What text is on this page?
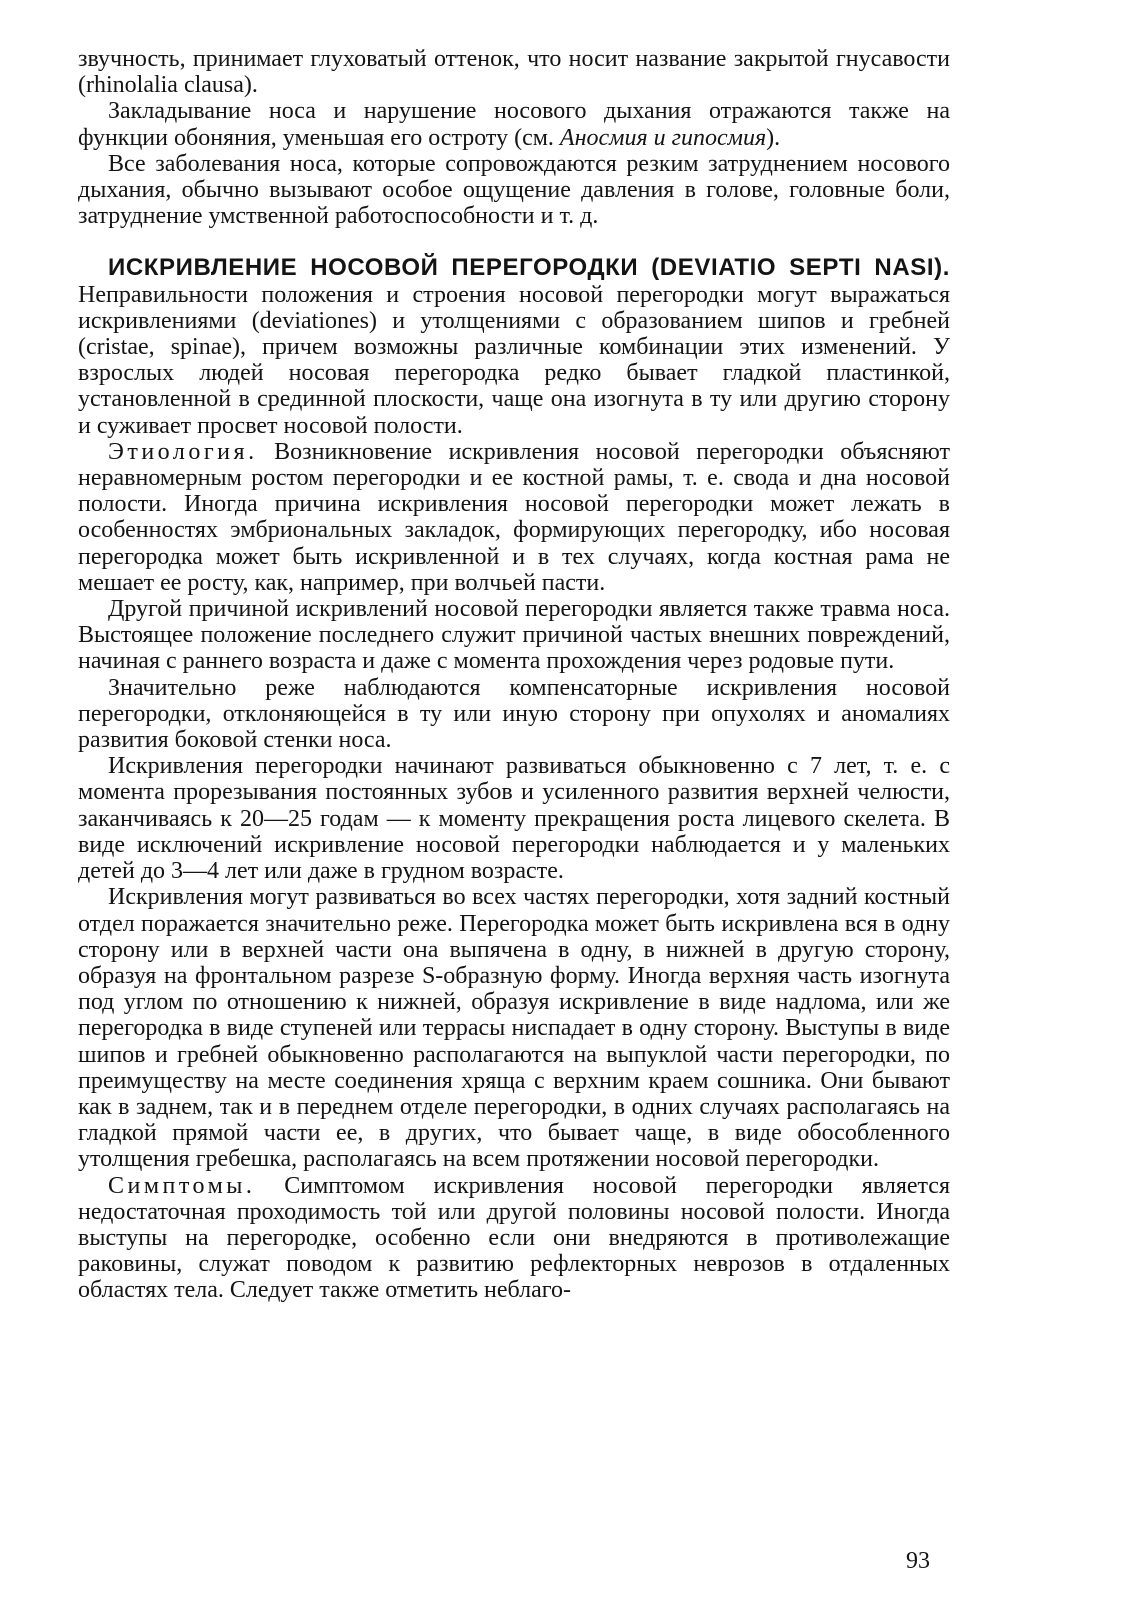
звучность, принимает глуховатый оттенок, что носит название закрытой гнусавости (rhinolalia clausa).

Закладывание носа и нарушение носового дыхания отражаются также на функции обоняния, уменьшая его остроту (см. Аносмия и гипосмия).

Все заболевания носа, которые сопровождаются резким затруднением носового дыхания, обычно вызывают особое ощущение давления в голове, головные боли, затруднение умственной работоспособности и т. д.

ИСКРИВЛЕНИЕ НОСОВОЙ ПЕРЕГОРОДКИ (DEVIATIO SEPTI NASI). Неправильности положения и строения носовой перегородки могут выражаться искривлениями (deviationes) и утолщениями с образованием шипов и гребней (cristae, spinae), причем возможны различные комбинации этих изменений. У взрослых людей носовая перегородка редко бывает гладкой пластинкой, установленной в срединной плоскости, чаще она изогнута в ту или другию сторону и суживает просвет носовой полости.

Этиология. Возникновение искривления носовой перегородки объясняют неравномерным ростом перегородки и ее костной рамы, т. е. свода и дна носовой полости. Иногда причина искривления носовой перегородки может лежать в особенностях эмбриональных закладок, формирующих перегородку, ибо носовая перегородка может быть искривленной и в тех случаях, когда костная рама не мешает ее росту, как, например, при волчьей пасти.

Другой причиной искривлений носовой перегородки является также травма носа. Выстоящее положение последнего служит причиной частых внешних повреждений, начиная с раннего возраста и даже с момента прохождения через родовые пути.

Значительно реже наблюдаются компенсаторные искривления носовой перегородки, отклоняющейся в ту или иную сторону при опухолях и аномалиях развития боковой стенки носа.

Искривления перегородки начинают развиваться обыкновенно с 7 лет, т. е. с момента прорезывания постоянных зубов и усиленного развития верхней челюсти, заканчиваясь к 20—25 годам — к моменту прекращения роста лицевого скелета. В виде исключений искривление носовой перегородки наблюдается и у маленьких детей до 3—4 лет или даже в грудном возрасте.

Искривления могут развиваться во всех частях перегородки, хотя задний костный отдел поражается значительно реже. Перегородка может быть искривлена вся в одну сторону или в верхней части она выпячена в одну, в нижней в другую сторону, образуя на фронтальном разрезе S-образную форму. Иногда верхняя часть изогнута под углом по отношению к нижней, образуя искривление в виде надлома, или же перегородка в виде ступеней или террасы ниспадает в одну сторону. Выступы в виде шипов и гребней обыкновенно располагаются на выпуклой части перегородки, по преимуществу на месте соединения хряща с верхним краем сошника. Они бывают как в заднем, так и в переднем отделе перегородки, в одних случаях располагаясь на гладкой прямой части ее, в других, что бывает чаще, в виде обособленного утолщения гребешка, располагаясь на всем протяжении носовой перегородки.

Симптомы. Симптомом искривления носовой перегородки является недостаточная проходимость той или другой половины носовой полости. Иногда выступы на перегородке, особенно если они внедряются в противолежащие раковины, служат поводом к развитию рефлекторных неврозов в отдаленных областях тела. Следует также отметить неблаго-

93
